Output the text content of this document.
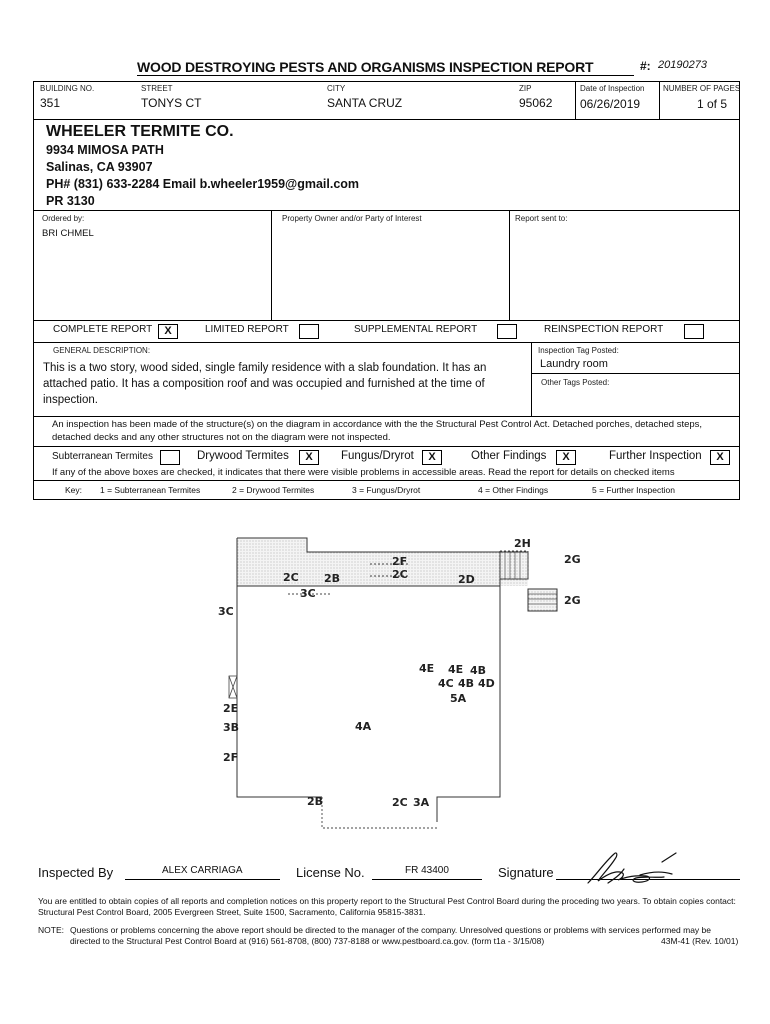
WOOD DESTROYING PESTS AND ORGANISMS INSPECTION REPORT	#: 20190273
BUILDING NO.
351
STREET
TONYS CT
CITY
SANTA CRUZ
ZIP
95062
Date of Inspection
06/26/2019
NUMBER OF PAGES
1 of 5
WHEELER TERMITE CO.
9934 MIMOSA PATH
Salinas, CA 93907
PH# (831) 633-2284 Email b.wheeler1959@gmail.com
PR 3130
Ordered by:
BRI CHMEL
Property Owner and/or Party of Interest	Report sent to:
COMPLETE REPORT	X	LIMITED REPORT	SUPPLEMENTAL REPORT	REINSPECTION REPORT
GENERAL DESCRIPTION:
This is a two story, wood sided, single family residence with a slab foundation. It has an attached patio. It has a composition roof and was occupied and furnished at the time of inspection.
Inspection Tag Posted:
Laundry room
Other Tags Posted:
An inspection has been made of the structure(s) on the diagram in accordance with the the Structural Pest Control Act. Detached porches, detached steps, detached decks and any other structures not on the diagram were not inspected.
Subterranean Termites	Drywood Termites	X	Fungus/Dryrot	X	Other Findings	X	Further Inspection	X
If any of the above boxes are checked, it indicates that there were visible problems in accessible areas. Read the report for details on checked items
Key: 1 = Subterranean Termites	2 = Drywood Termites	3 = Fungus/Dryrot	4 = Other Findings	5 = Further Inspection
2H
2G
2G
2F
2C
2C 2B	2D
3C
3C
4E 4E 4B
4C 4B 4D
5A
2E
3B	4A
2F
2B	2C 3A
Inspected By	ALEX CARRIAGA	License No.	FR 43400	Signature
You are entitled to obtain copies of all reports and completion notices on this property report to the Structural Pest Control Board during the proceding two years. To obtain copies contact: Structural Pest Control Board, 2005 Evergreen Street, Suite 1500, Sacramento, California 95815-3831.
NOTE: Questions or problems concerning the above report should be directed to the manager of the company. Unresolved questions or problems with services performed may be directed to the Structural Pest Control Board at (916) 561-8708, (800) 737-8188 or www.pestboard.ca.gov. (form t1a - 3/15/08)	43M-41 (Rev. 10/01)
